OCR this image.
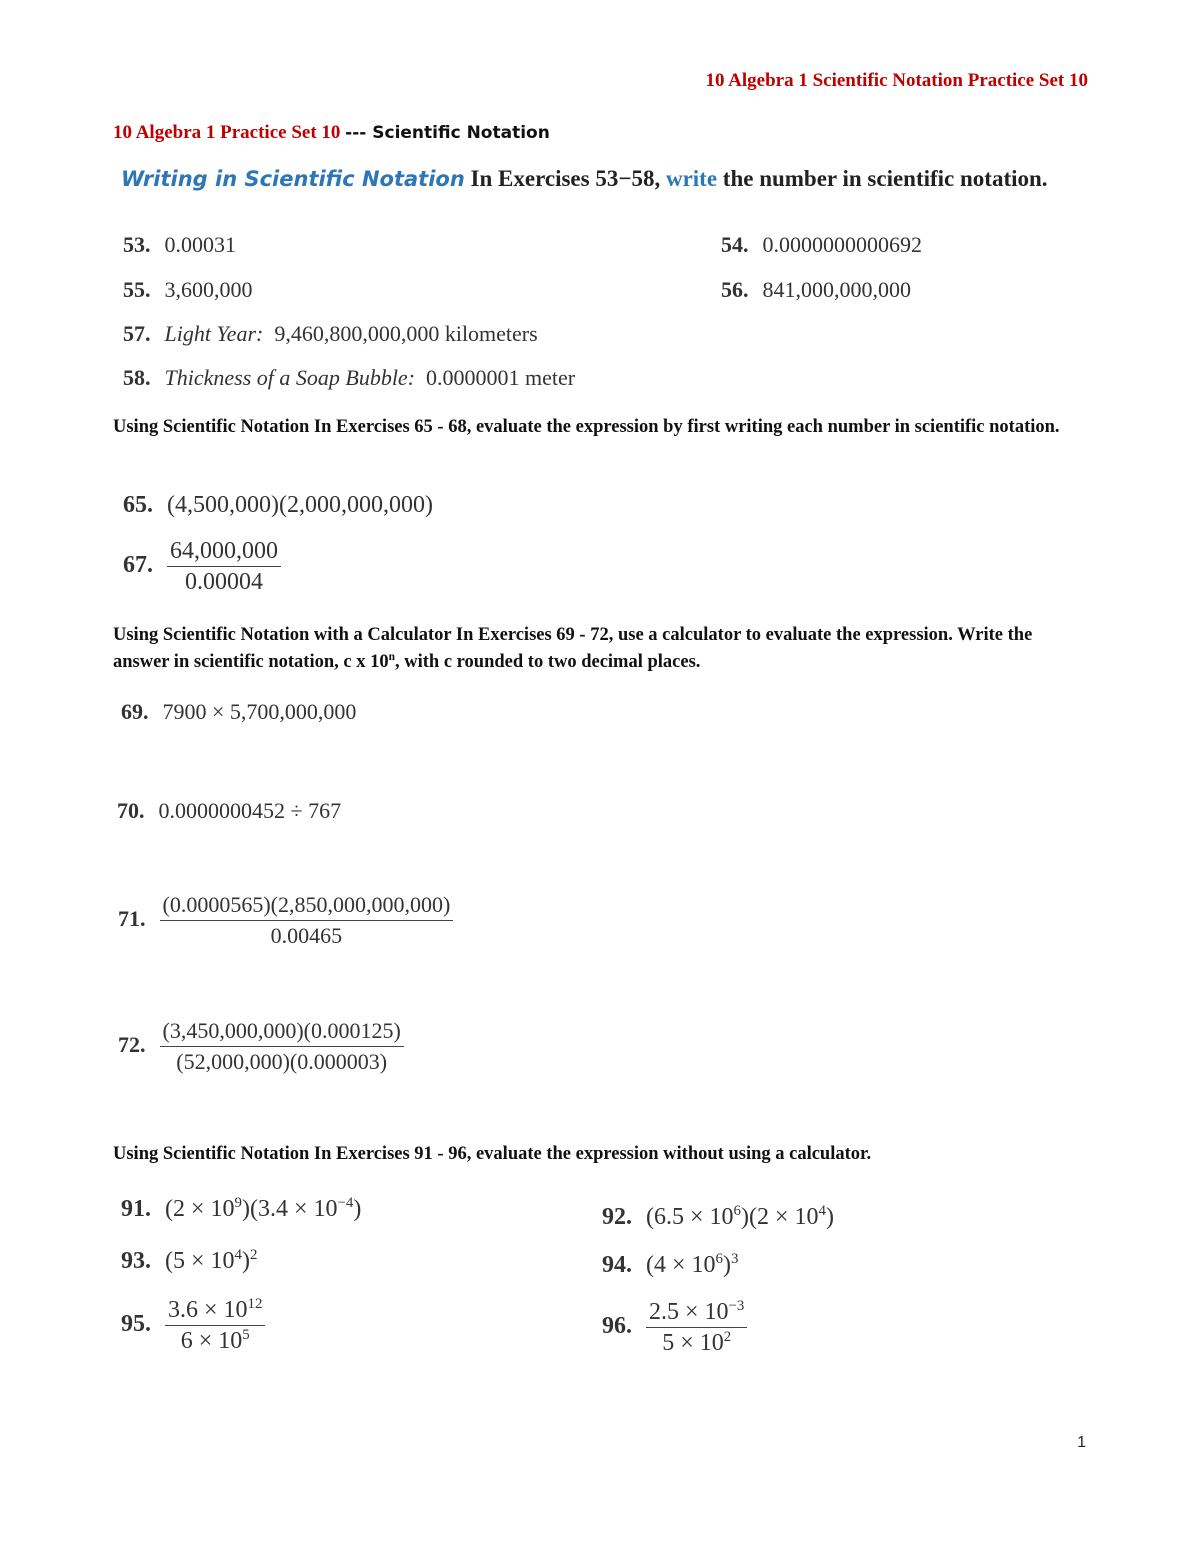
10 Algebra 1 Scientific Notation Practice Set 10
10 Algebra 1 Practice Set 10 --- Scientific Notation
Writing in Scientific Notation In Exercises 53−58, write the number in scientific notation.
53. 0.00031	54. 0.0000000000692
55. 3,600,000	56. 841,000,000,000
57. Light Year: 9,460,800,000,000 kilometers
58. Thickness of a Soap Bubble: 0.0000001 meter
Using Scientific Notation In Exercises 65 - 68, evaluate the expression by first writing each number in scientific notation.
65. (4,500,000)(2,000,000,000)
67. $\frac{64,000,000}{0.00004}$
Using Scientific Notation with a Calculator In Exercises 69 - 72, use a calculator to evaluate the expression. Write the answer in scientific notation, c x 10$^n$, with c rounded to two decimal places.
69. 7900 × 5,700,000,000
70. 0.0000000452 ÷ 767
71. $\frac{(0.0000565)(2,850,000,000,000)}{0.00465}$
72. $\frac{(3,450,000,000)(0.000125)}{(52,000,000)(0.000003)}$
Using Scientific Notation In Exercises 91 - 96, evaluate the expression without using a calculator.
91. $(2 \times 10^9)(3.4 \times 10^{-4})$	92. $(6.5 \times 10^6)(2 \times 10^4)$
93. $(5 \times 10^4)^2$	94. $(4 \times 10^6)^3$
95. $\frac{3.6 \times 10^{12}}{6 \times 10^5}$	96. $\frac{2.5 \times 10^{-3}}{5 \times 10^2}$
1
